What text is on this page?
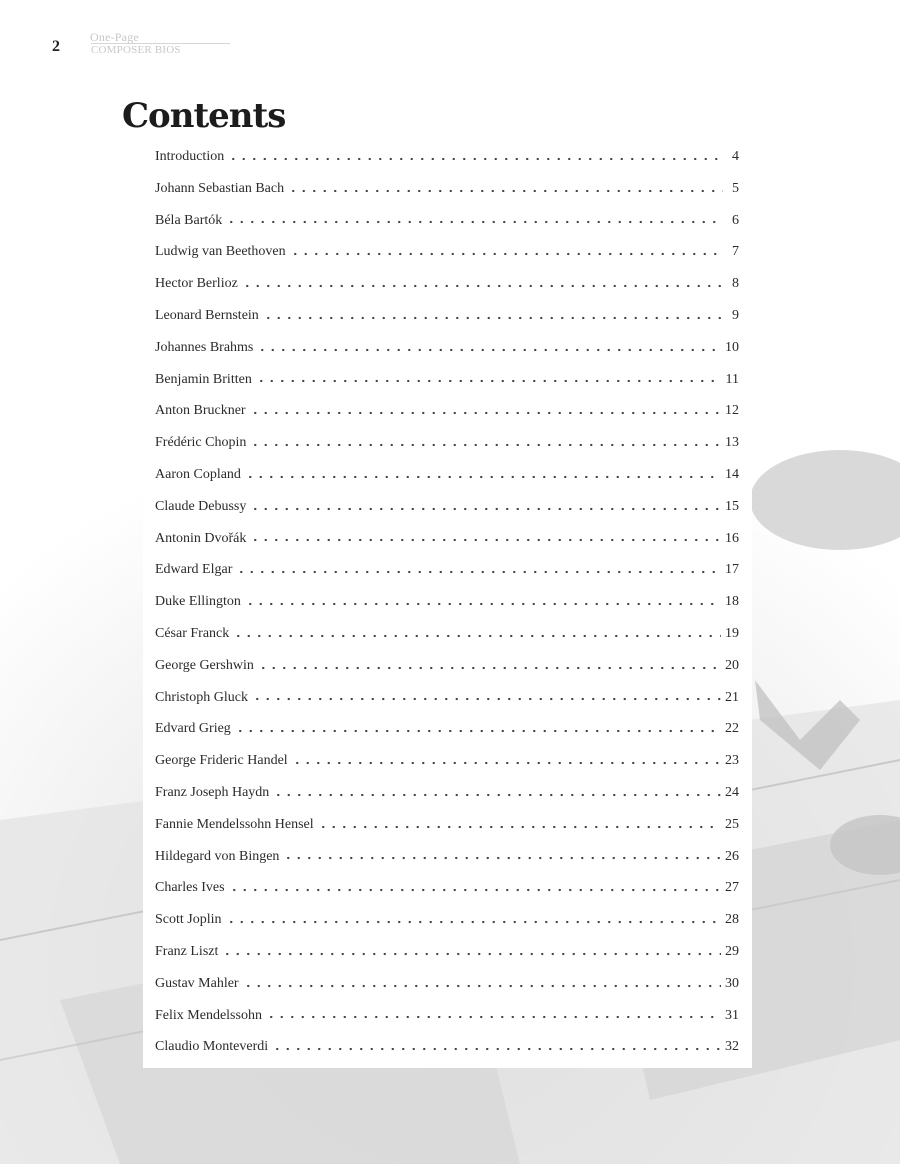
2
One-Page
COMPOSER BIOS
Contents
Introduction	4
Johann Sebastian Bach	5
Béla Bartók	6
Ludwig van Beethoven	7
Hector Berlioz	8
Leonard Bernstein	9
Johannes Brahms	10
Benjamin Britten	11
Anton Bruckner	12
Frédéric Chopin	13
Aaron Copland	14
Claude Debussy	15
Antonin Dvořák	16
Edward Elgar	17
Duke Ellington	18
César Franck	19
George Gershwin	20
Christoph Gluck	21
Edvard Grieg	22
George Frideric Handel	23
Franz Joseph Haydn	24
Fannie Mendelssohn Hensel	25
Hildegard von Bingen	26
Charles Ives	27
Scott Joplin	28
Franz Liszt	29
Gustav Mahler	30
Felix Mendelssohn	31
Claudio Monteverdi	32
